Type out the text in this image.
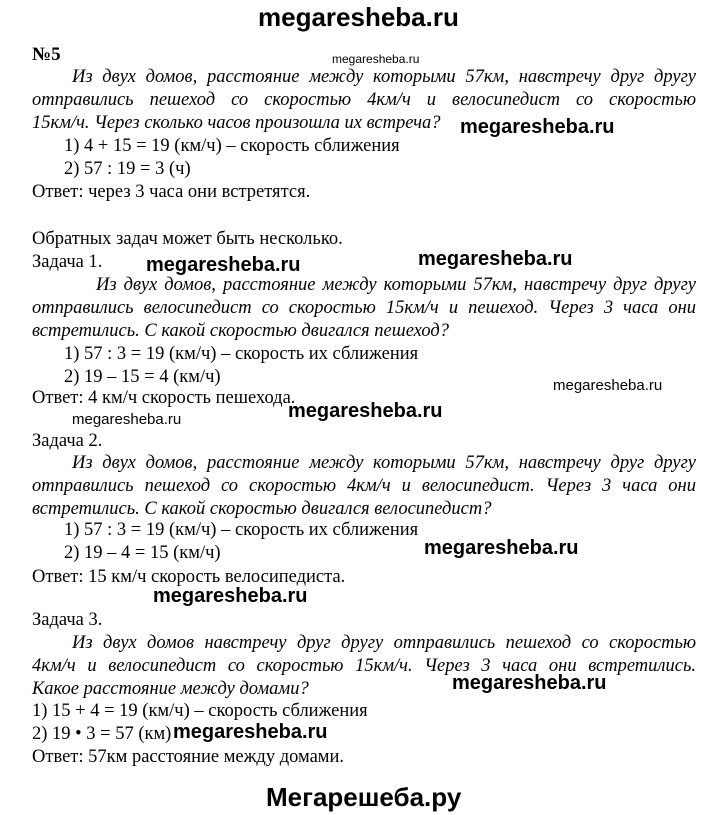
megaresheba.ru
№5	megaresheba.ru
Из двух домов, расстояние между которыми 57км, навстречу друг другу
отправились пешеход со скоростью 4км/ч и велосипедист со скоростью
15км/ч. Через сколько часов произошла их встреча? megaresheba.ru
1) 4 + 15 = 19 (км/ч) – скорость сближения
2) 57 : 19 = 3 (ч)
Ответ: через 3 часа они встретятся.
Обратных задач может быть несколько.
megaresheba.ru
Задача 1. megaresheba.ru
Из двух домов, расстояние между которыми 57км, навстречу друг другу
отправились велосипедист со скоростью 15км/ч и пешеход. Через 3 часа они
встретились. С какой скоростью двигался пешеход?
1) 57 : 3 = 19 (км/ч) – скорость их сближения
2) 19 – 15 = 4 (км/ч)	megaresheba.ru
Ответ: 4 км/ч скорость пешехода.
megaresheba.ru	megaresheba.ru
Задача 2.
Из двух домов, расстояние между которыми 57км, навстречу друг другу
отправились пешеход со скоростью 4км/ч и велосипедист. Через 3 часа они
встретились. С какой скоростью двигался велосипедист?
1) 57 : 3 = 19 (км/ч) – скорость их сближения
megaresheba.ru
2) 19 – 4 = 15 (км/ч)
Ответ: 15 км/ч скорость велосипедиста.
megaresheba.ru
Задача 3.
Из двух домов навстречу друг другу отправились пешеход со скоростью
4км/ч и велосипедист со скоростью 15км/ч. Через 3 часа они встретились.
Какое расстояние между домами?	megaresheba.ru
1) 15 + 4 = 19 (км/ч) – скорость сближения
2) 19 • 3 = 57 (км) megaresheba.ru
Ответ: 57км расстояние между домами.
Мегарешеба.ру
